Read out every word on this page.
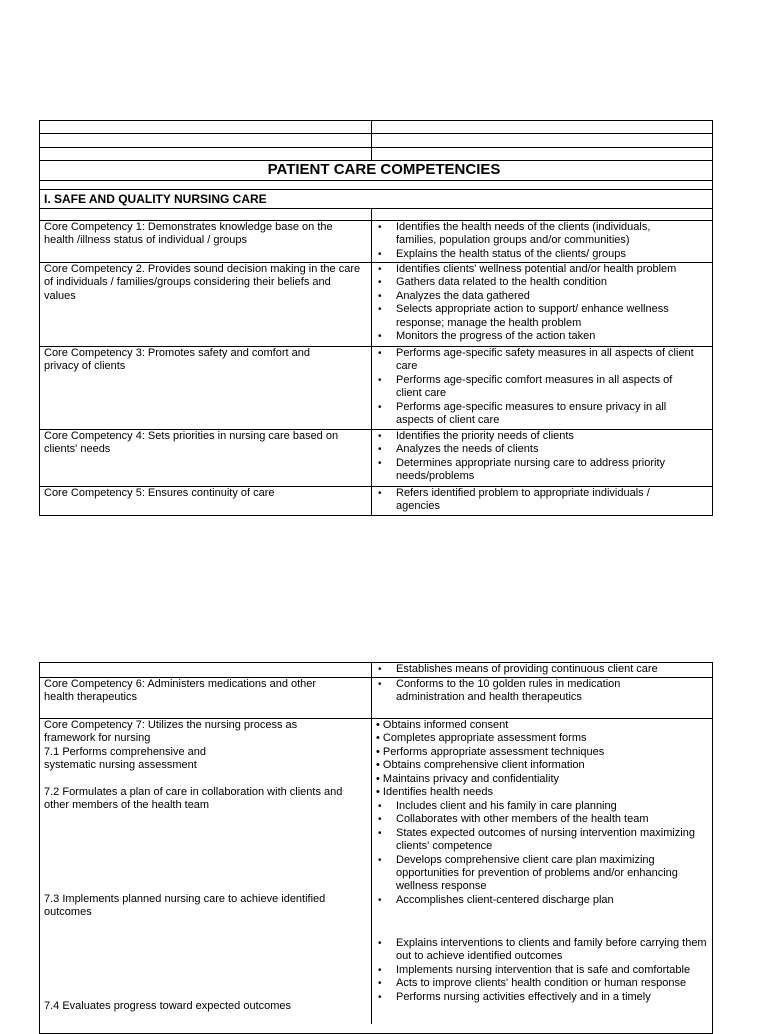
PATIENT CARE COMPETENCIES
I. SAFE AND QUALITY NURSING CARE
Core Competency 1: Demonstrates knowledge base on the health /illness status of individual / groups
• Identifies the health needs of the clients (individuals, families, population groups and/or communities)
• Explains the health status of the clients/ groups
Core Competency 2. Provides sound decision making in the care of individuals / families/groups considering their beliefs and values
• Identifies clients' wellness potential and/or health problem
• Gathers data related to the health condition
• Analyzes the data gathered
• Selects appropriate action to support/ enhance wellness response; manage the health problem
• Monitors the progress of the action taken
Core Competency 3: Promotes safety and comfort and privacy of clients
• Performs age-specific safety measures in all aspects of client care
• Performs age-specific comfort measures in all aspects of client care
• Performs age-specific measures to ensure privacy in all aspects of client care
Core Competency 4: Sets priorities in nursing care based on clients' needs
• Identifies the priority needs of clients
• Analyzes the needs of clients
• Determines appropriate nursing care to address priority needs/problems
Core Competency 5: Ensures continuity of care
•	Refers identified problem to appropriate individuals / agencies
• Establishes means of providing continuous client care
Core Competency 6: Administers medications and other health therapeutics
• Conforms to the 10 golden rules in medication administration and health therapeutics
Core Competency 7: Utilizes the nursing process as framework for nursing
7.1 Performs comprehensive and
systematic nursing assessment
7.2 Formulates a plan of care in collaboration with clients and other members of the health team
7.3 Implements planned nursing care to achieve identified outcomes
7.4 Evaluates progress toward expected outcomes
• Obtains informed consent
• Completes appropriate assessment forms
• Performs appropriate assessment techniques
• Obtains comprehensive client information
• Maintains privacy and confidentiality
• Identifies health needs
• Includes client and his family in care planning
• Collaborates with other members of the health team
• States expected outcomes of nursing intervention maximizing clients' competence
• Develops comprehensive client care plan maximizing opportunities for prevention of problems and/or enhancing wellness response
• Accomplishes client-centered discharge plan
• Explains interventions to clients and family before carrying them out to achieve identified outcomes
• Implements nursing intervention that is safe and comfortable
• Acts to improve clients' health condition or human response
• Performs nursing activities effectively and in a timely
